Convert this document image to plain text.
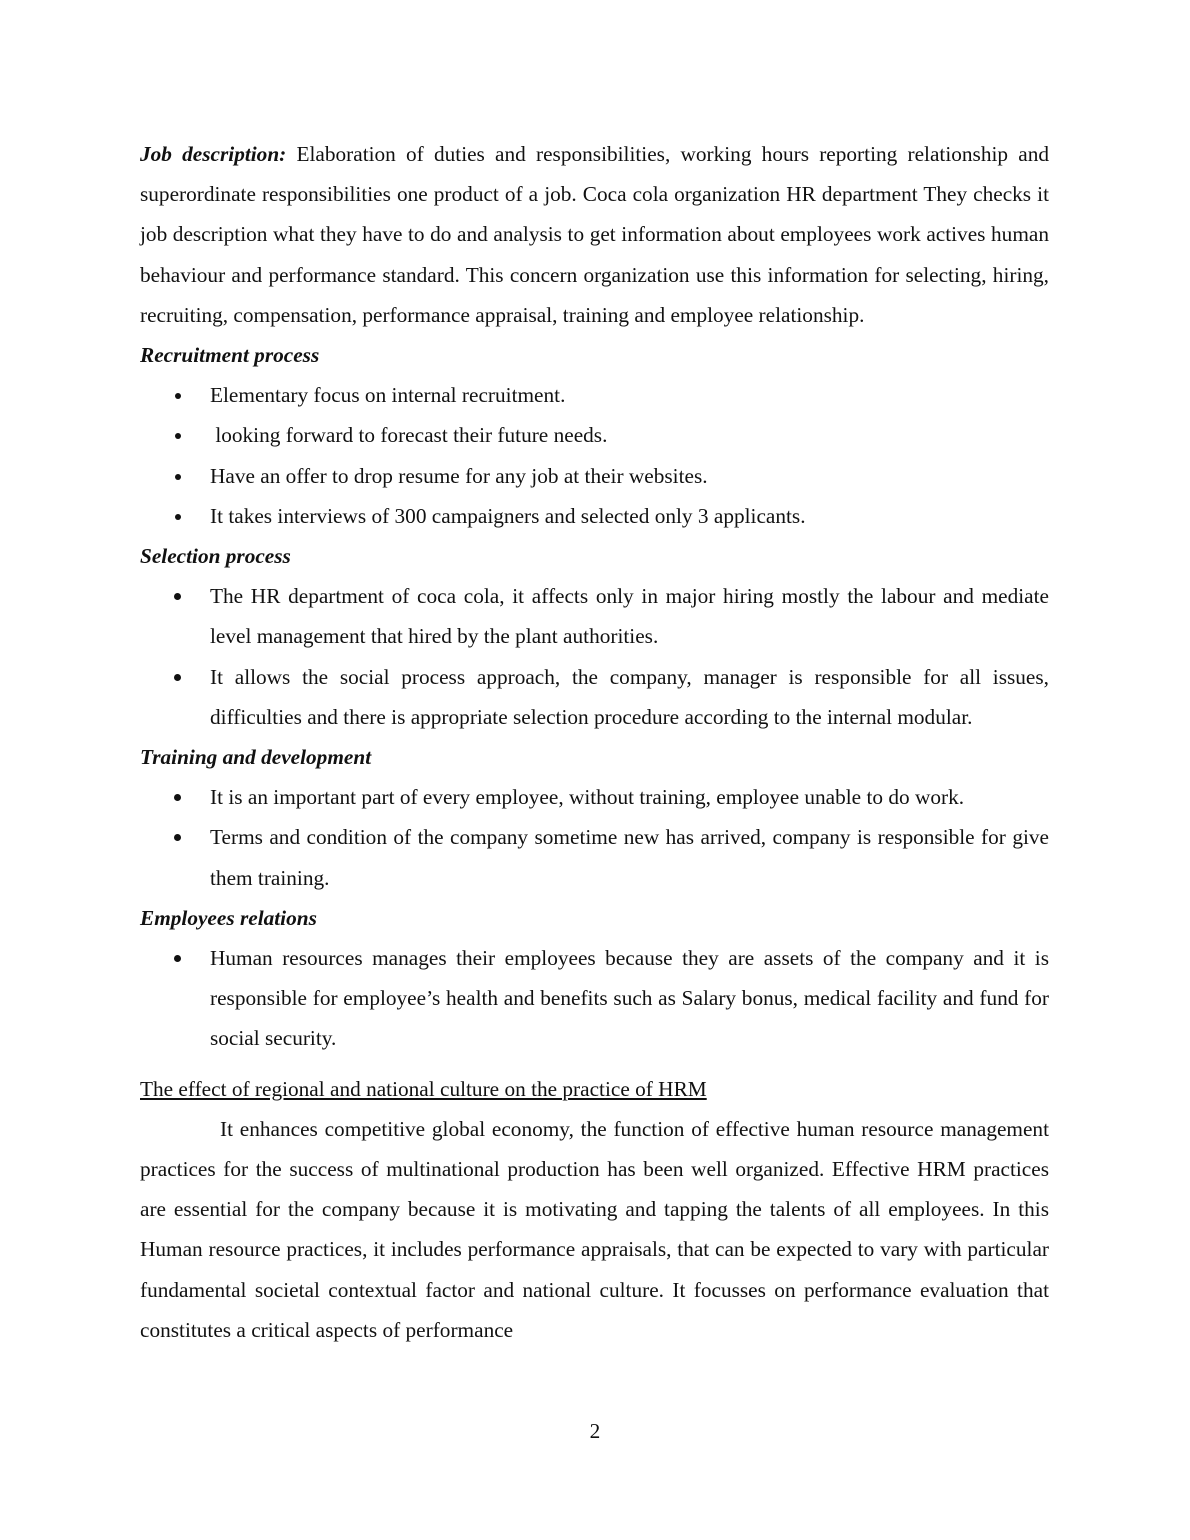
Job description: Elaboration of duties and responsibilities, working hours reporting relationship and superordinate responsibilities one product of a job. Coca cola organization HR department They checks it job description what they have to do and analysis to get information about employees work actives human behaviour and performance standard. This concern organization use this information for selecting, hiring, recruiting, compensation, performance appraisal, training and employee relationship.

Recruitment process

Elementary focus on internal recruitment.
looking forward to forecast their future needs.
Have an offer to drop resume for any job at their websites.
It takes interviews of 300 campaigners and selected only 3 applicants.

Selection process

The HR department of coca cola, it affects only in major hiring mostly the labour and mediate level management that hired by the plant authorities.
It allows the social process approach, the company, manager is responsible for all issues, difficulties and there is appropriate selection procedure according to the internal modular.

Training and development

It is an important part of every employee, without training, employee unable to do work.
Terms and condition of the company sometime new has arrived, company is responsible for give them training.

Employees relations

Human resources manages their employees because they are assets of the company and it is responsible for employee’s health and benefits such as Salary bonus, medical facility and fund for social security.

The effect of regional and national culture on the practice of HRM

It enhances competitive global economy, the function of effective human resource management practices for the success of multinational production has been well organized. Effective HRM practices are essential for the company because it is motivating and tapping the talents of all employees. In this Human resource practices, it includes performance appraisals, that can be expected to vary with particular fundamental societal contextual factor and national culture. It focusses on performance evaluation that constitutes a critical aspects of performance

2
